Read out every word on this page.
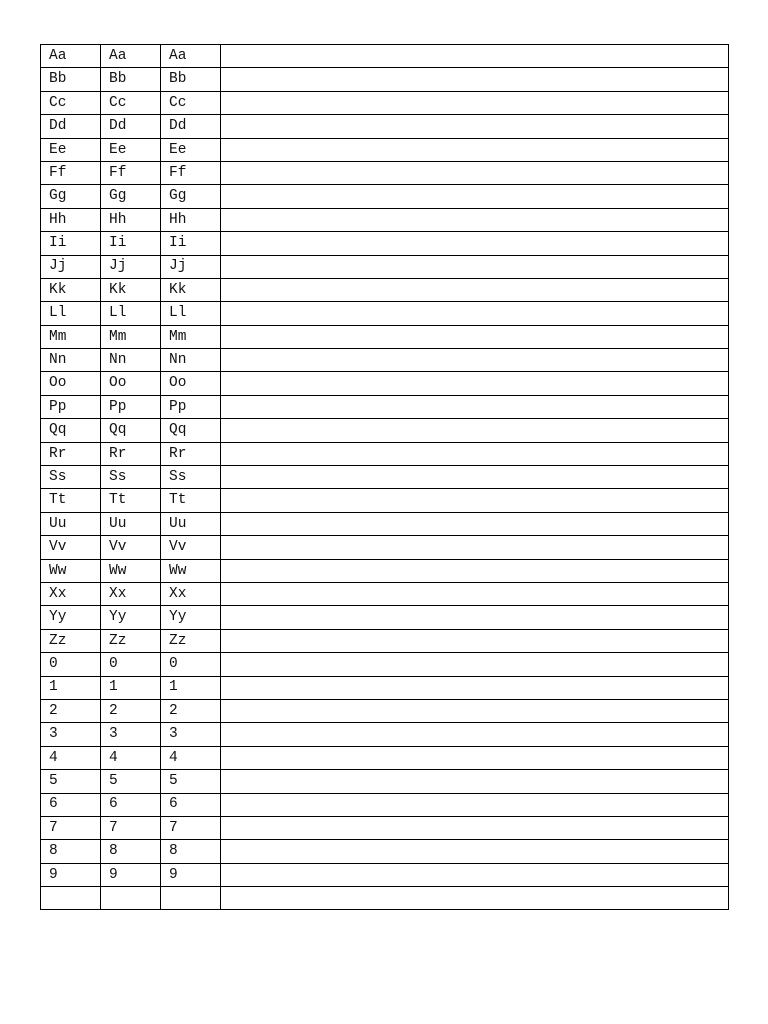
Aa	Aa	Aa	
Bb	Bb	Bb	
Cc	Cc	Cc	
Dd	Dd	Dd	
Ee	Ee	Ee	
Ff	Ff	Ff	
Gg	Gg	Gg	
Hh	Hh	Hh	
Ii	Ii	Ii	
Jj	Jj	Jj	
Kk	Kk	Kk	
Ll	Ll	Ll	
Mm	Mm	Mm	
Nn	Nn	Nn	
Oo	Oo	Oo	
Pp	Pp	Pp	
Qq	Qq	Qq	
Rr	Rr	Rr	
Ss	Ss	Ss	
Tt	Tt	Tt	
Uu	Uu	Uu	
Vv	Vv	Vv	
Ww	Ww	Ww	
Xx	Xx	Xx	
Yy	Yy	Yy	
Zz	Zz	Zz	
0	0	0	
1	1	1	
2	2	2	
3	3	3	
4	4	4	
5	5	5	
6	6	6	
7	7	7	
8	8	8	
9	9	9	
